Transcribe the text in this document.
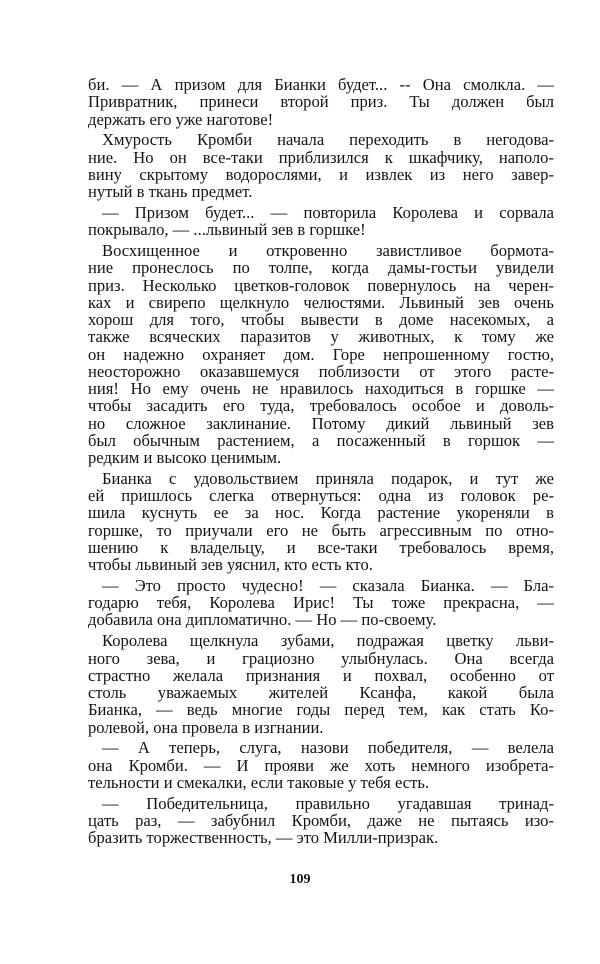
би. — А призом для Бианки будет... -- Она смолкла. —
Привратник, принеси второй приз. Ты должен был
держать его уже наготове!
Хмурость Кромби начала переходить в негодова-
ние. Но он все-таки приблизился к шкафчику, наполо-
вину скрытому водорослями, и извлек из него завер-
нутый в ткань предмет.
— Призом будет... — повторила Королева и сорвала
покрывало, — ...львиный зев в горшке!
Восхищенное и откровенно завистливое бормота-
ние пронеслось по толпе, когда дамы-гостьи увидели
приз. Несколько цветков-головок повернулось на черен-
ках и свирепо щелкнуло челюстями. Львиный зев очень
хорош для того, чтобы вывести в доме насекомых, а
также всяческих паразитов у животных, к тому же
он надежно охраняет дом. Горе непрошенному гостю,
неосторожно оказавшемуся поблизости от этого расте-
ния! Но ему очень не нравилось находиться в горшке —
чтобы засадить его туда, требовалось особое и доволь-
но сложное заклинание. Потому дикий львиный зев
был обычным растением, а посаженный в горшок —
редким и высоко ценимым.
Бианка с удовольствием приняла подарок, и тут же
ей пришлось слегка отвернуться: одна из головок ре-
шила куснуть ее за нос. Когда растение укореняли в
горшке, то приучали его не быть агрессивным по отно-
шению к владельцу, и все-таки требовалось время,
чтобы львиный зев уяснил, кто есть кто.
— Это просто чудесно! — сказала Бианка. — Бла-
годарю тебя, Королева Ирис! Ты тоже прекрасна, —
добавила она дипломатично. — Но — по-своему.
Королева щелкнула зубами, подражая цветку льви-
ного зева, и грациозно улыбнулась. Она всегда
страстно желала признания и похвал, особенно от
столь уважаемых жителей Ксанфа, какой была
Бианка, — ведь многие годы перед тем, как стать Ко-
ролевой, она провела в изгнании.
— А теперь, слуга, назови победителя, — велела
она Кромби. — И прояви же хоть немного изобрета-
тельности и смекалки, если таковые у тебя есть.
— Победительница, правильно угадавшая тринад-
цать раз, — забубнил Кромби, даже не пытаясь изо-
бразить торжественность, — это Милли-призрак.
109
